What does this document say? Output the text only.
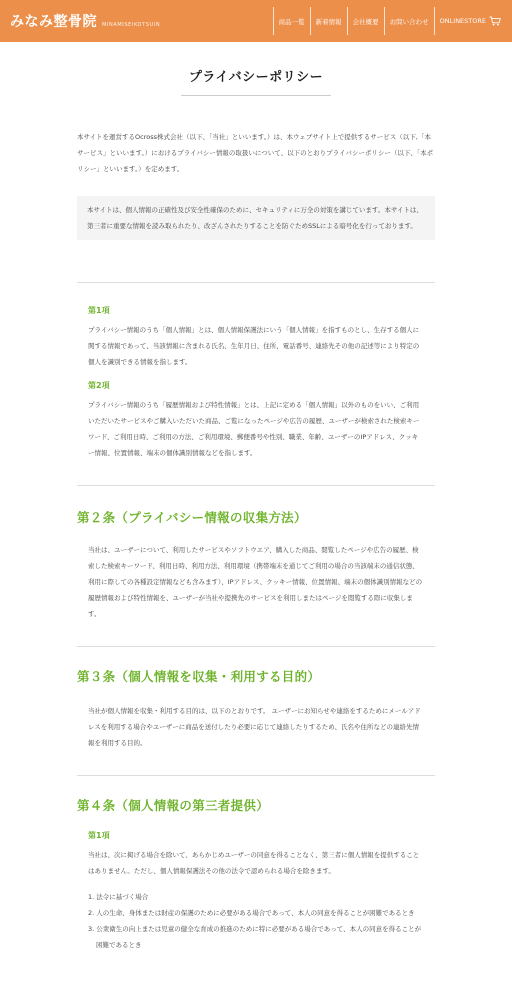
みなみ整骨院 MINAMISEIKOTSUIN	商品一覧	新着情報	会社概要	お問い合わせ	ONLINESTORE
プライバシーポリシー

本サイトを運営するOcross株式会社（以下、「当社」といいます。）は、本ウェブサイト上で提供するサービス（以下,「本サービス」といいます。）におけるプライバシー情報の取扱いについて、以下のとおりプライバシーポリシー（以下、「本ポリシー」といいます。）を定めます。

本サイトは、個人情報の正確性及び安全性確保のために、セキュリティに万全の対策を講じています。本サイトは、第三者に重要な情報を読み取られたり、改ざんされたりすることを防ぐためSSLによる暗号化を行っております。
第1項

プライバシー情報のうち「個人情報」とは、個人情報保護法にいう「個人情報」を指すものとし、生存する個人に関する情報であって、当該情報に含まれる氏名、生年月日、住所、電話番号、連絡先その他の記述等により特定の個人を識別できる情報を指します。

第2項

プライバシー情報のうち「履歴情報および特性情報」とは、上記に定める「個人情報」以外のものをいい、ご利用いただいたサービスやご購入いただいた商品、ご覧になったページや広告の履歴、ユーザーが検索された検索キーワード、ご利用日時、ご利用の方法、ご利用環境、郵便番号や性別、職業、年齢、ユーザーのIPアドレス、クッキー情報、位置情報、端末の個体識別情報などを指します。

第２条（プライバシー情報の収集方法）

当社は、ユーザーについて、利用したサービスやソフトウエア、購入した商品、閲覧したページや広告の履歴、検索した検索キーワード、利用日時、利用方法、利用環境（携帯端末を通じてご利用の場合の当該端末の通信状態、利用に際しての各種設定情報なども含みます）、IPアドレス、クッキー情報、位置情報、端末の個体識別情報などの履歴情報および特性情報を、ユーザーが当社や提携先のサービスを利用しまたはページを閲覧する際に収集します。

第３条（個人情報を収集・利用する目的）

当社が個人情報を収集・利用する目的は、以下のとおりです。 ユーザーにお知らせや連絡をするためにメールアドレスを利用する場合やユーザーに商品を送付したり必要に応じて連絡したりするため、氏名や住所などの連絡先情報を利用する目的。

第４条（個人情報の第三者提供）
第1項

当社は、次に掲げる場合を除いて、あらかじめユーザーの同意を得ることなく、第三者に個人情報を提供することはありません。ただし、個人情報保護法その他の法令で認められる場合を除きます。

1. 法令に基づく場合
2. 人の生命、身体または財産の保護のために必要がある場合であって、本人の同意を得ることが困難であるとき
3. 公衆衛生の向上または児童の健全な育成の推進のために特に必要がある場合であって、本人の同意を得ることが困難であるとき
